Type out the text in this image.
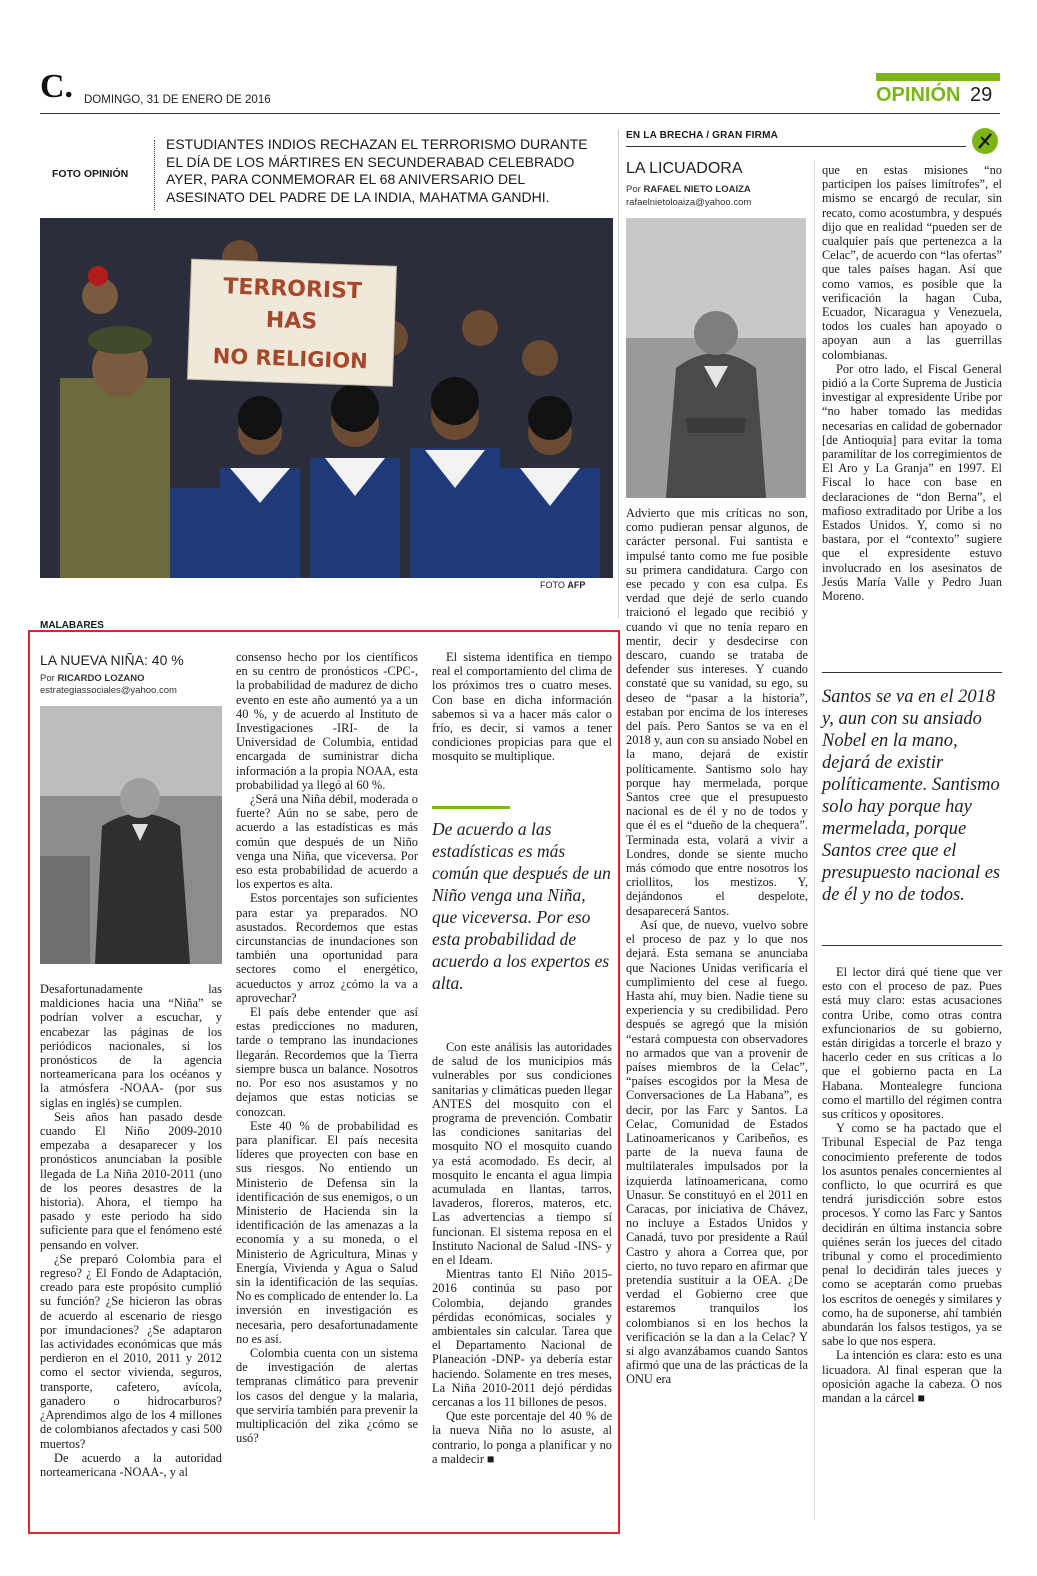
C. DOMINGO, 31 DE ENERO DE 2016	OPINIÓN 29
FOTO OPINIÓN
ESTUDIANTES INDIOS RECHAZAN EL TERRORISMO DURANTE EL DÍA DE LOS MÁRTIRES EN SECUNDERABAD CELEBRADO AYER, PARA CONMEMORAR EL 68 ANIVERSARIO DEL ASESINATO DEL PADRE DE LA INDIA, MAHATMA GANDHI.
TERRORIST
HAS
NO RELIGION
FOTO AFP
EN LA BRECHA / GRAN FIRMA
LA LICUADORA
Por RAFAEL NIETO LOAIZA
rafaelnietoloaiza@yahoo.com

Advierto que mis críticas no son, como pudieran pensar algunos, de carácter personal. Fui santista e impulsé tanto como me fue posible su primera candidatura. Cargo con ese pecado y con esa culpa. Es verdad que dejé de serlo cuando traicionó el legado que recibió y cuando vi que no tenía reparo en mentir, decir y desdecirse con descaro, cuando se trataba de defender sus intereses. Y cuando constaté que su vanidad, su ego, su deseo de “pasar a la historia”, estaban por encima de los intereses del país. Pero Santos se va en el 2018 y, aun con su ansiado Nobel en la mano, dejará de existir políticamente. Santismo solo hay porque hay mermelada, porque Santos cree que el presupuesto nacional es de él y no de todos y que él es el “dueño de la chequera”. Terminada esta, volará a vivir a Londres, donde se siente mucho más cómodo que entre nosotros los criollitos, los mestizos. Y, dejándonos el despelote, desaparecerá Santos.

Así que, de nuevo, vuelvo sobre el proceso de paz y lo que nos dejará. Esta semana se anunciaba que Naciones Unidas verificaría el cumplimiento del cese al fuego. Hasta ahí, muy bien. Nadie tiene su experiencia y su credibilidad. Pero después se agregó que la misión “estará compuesta con observadores no armados que van a provenir de países miembros de la Celac”, “países escogidos por la Mesa de Conversaciones de La Habana”, es decir, por las Farc y Santos. La Celac, Comunidad de Estados Latinoamericanos y Caribeños, es parte de la nueva fauna de multilaterales impulsados por la izquierda latinoamericana, como Unasur. Se constituyó en el 2011 en Caracas, por iniciativa de Chávez, no incluye a Estados Unidos y Canadá, tuvo por presidente a Raúl Castro y ahora a Correa que, por cierto, no tuvo reparo en afirmar que pretendía sustituir a la OEA. ¿De verdad el Gobierno cree que estaremos tranquilos los colombianos si en los hechos la verificación se la dan a la Celac? Y si algo avanzábamos cuando Santos afirmó que una de las prácticas de la ONU era

que en estas misiones “no participen los países limítrofes”, el mismo se encargó de recular, sin recato, como acostumbra, y después dijo que en realidad “pueden ser de cualquier país que pertenezca a la Celac”, de acuerdo con “las ofertas” que tales países hagan. Así que como vamos, es posible que la verificación la hagan Cuba, Ecuador, Nicaragua y Venezuela, todos los cuales han apoyado o apoyan aun a las guerrillas colombianas.

Por otro lado, el Fiscal General pidió a la Corte Suprema de Justicia investigar al expresidente Uribe por “no haber tomado las medidas necesarias en calidad de gobernador [de Antioquia] para evitar la toma paramilitar de los corregimientos de El Aro y La Granja” en 1997. El Fiscal lo hace con base en declaraciones de “don Berna”, el mafioso extraditado por Uribe a los Estados Unidos. Y, como si no bastara, por el “contexto” sugiere que el expresidente estuvo involucrado en los asesinatos de Jesús María Valle y Pedro Juan Moreno.

Santos se va en el 2018 y, aun con su ansiado Nobel en la mano, dejará de existir políticamente. Santismo solo hay porque hay mermelada, porque Santos cree que el presupuesto nacional es de él y no de todos.

El lector dirá qué tiene que ver esto con el proceso de paz. Pues está muy claro: estas acusaciones contra Uribe, como otras contra exfuncionarios de su gobierno, están dirigidas a torcerle el brazo y hacerlo ceder en sus críticas a lo que el gobierno pacta en La Habana. Montealegre funciona como el martillo del régimen contra sus críticos y opositores.

Y como se ha pactado que el Tribunal Especial de Paz tenga conocimiento preferente de todos los asuntos penales concernientes al conflicto, lo que ocurrirá es que tendrá jurisdicción sobre estos procesos. Y como las Farc y Santos decidirán en última instancia sobre quiénes serán los jueces del citado tribunal y como el procedimiento penal lo decidirán tales jueces y como se aceptarán como pruebas los escritos de oenegés y similares y como, ha de suponerse, ahí también abundarán los falsos testigos, ya se sabe lo que nos espera.

La intención es clara: esto es una licuadora. Al final esperan que la oposición agache la cabeza. O nos mandan a la cárcel ■

MALABARES
LA NUEVA NIÑA: 40 %
Por RICARDO LOZANO
estrategiassociales@yahoo.com

Desafortunadamente las maldiciones hacia una “Niña” se podrían volver a escuchar, y encabezar las páginas de los periódicos nacionales, si los pronósticos de la agencia norteamericana para los océanos y la atmósfera -NOAA- (por sus siglas en inglés) se cumplen.

Seis años han pasado desde cuando El Niño 2009-2010 empezaba a desaparecer y los pronósticos anunciaban la posible llegada de La Niña 2010-2011 (uno de los peores desastres de la historia). Ahora, el tiempo ha pasado y este periodo ha sido suficiente para que el fenómeno esté pensando en volver.

¿Se preparó Colombia para el regreso? ¿ El Fondo de Adaptación, creado para este propósito cumplió su función? ¿Se hicieron las obras de acuerdo al escenario de riesgo por imundaciones? ¿Se adaptaron las actividades económicas que más perdieron en el 2010, 2011 y 2012 como el sector vivienda, seguros, transporte, cafetero, avícola, ganadero o hidrocarburos? ¿Aprendimos algo de los 4 millones de colombianos afectados y casi 500 muertos?

De acuerdo a la autoridad norteamericana -NOAA-, y al

consenso hecho por los científicos en su centro de pronósticos -CPC-, la probabilidad de madurez de dicho evento en este año aumentó ya a un 40 %, y de acuerdo al Instituto de Investigaciones -IRI- de la Universidad de Columbia, entidad encargada de suministrar dicha información a la propia NOAA, esta probabilidad ya llegó al 60 %.

¿Será una Niña débil, moderada o fuerte? Aún no se sabe, pero de acuerdo a las estadísticas es más común que después de un Niño venga una Niña, que viceversa. Por eso esta probabilidad de acuerdo a los expertos es alta.

Estos porcentajes son suficientes para estar ya preparados. NO asustados. Recordemos que estas circunstancias de inundaciones son también una oportunidad para sectores como el energético, acueductos y arroz ¿cómo la va a aprovechar?

El país debe entender que así estas predicciones no maduren, tarde o temprano las inundaciones llegarán. Recordemos que la Tierra siempre busca un balance. Nosotros no. Por eso nos asustamos y no dejamos que estas noticias se conozcan.

Este 40 % de probabilidad es para planificar. El país necesita líderes que proyecten con base en sus riesgos. No entiendo un Ministerio de Defensa sin la identificación de sus enemigos, o un Ministerio de Hacienda sin la identificación de las amenazas a la economía y a su moneda, o el Ministerio de Agricultura, Minas y Energía, Vivienda y Agua o Salud sin la identificación de las sequías. No es complicado de entender lo. La inversión en investigación es necesaria, pero desafortunadamente no es así.

Colombia cuenta con un sistema de investigación de alertas tempranas climático para prevenir los casos del dengue y la malaria, que serviría también para prevenir la multiplicación del zika ¿cómo se usó?

El sistema identifica en tiempo real el comportamiento del clima de los próximos tres o cuatro meses. Con base en dicha información sabemos si va a hacer más calor o frío, es decir, si vamos a tener condiciones propicias para que el mosquito se multiplique.

De acuerdo a las estadísticas es más común que después de un Niño venga una Niña, que viceversa. Por eso esta probabilidad de acuerdo a los expertos es alta.

Con este análisis las autoridades de salud de los municipios más vulnerables por sus condiciones sanitarias y climáticas pueden llegar ANTES del mosquito con el programa de prevención. Combatir las condiciones sanitarias del mosquito NO el mosquito cuando ya está acomodado. Es decir, al mosquito le encanta el agua limpia acumulada en llantas, tarros, lavaderos, floreros, materos, etc. Las advertencias a tiempo sí funcionan. El sistema reposa en el Instituto Nacional de Salud -INS- y en el Ideam.

Mientras tanto El Niño 2015-2016 continúa su paso por Colombia, dejando grandes pérdidas económicas, sociales y ambientales sin calcular. Tarea que el Departamento Nacional de Planeación -DNP- ya debería estar haciendo. Solamente en tres meses, La Niña 2010-2011 dejó pérdidas cercanas a los 11 billones de pesos.

Que este porcentaje del 40 % de la nueva Niña no lo asuste, al contrario, lo ponga a planificar y no a maldecir ■
